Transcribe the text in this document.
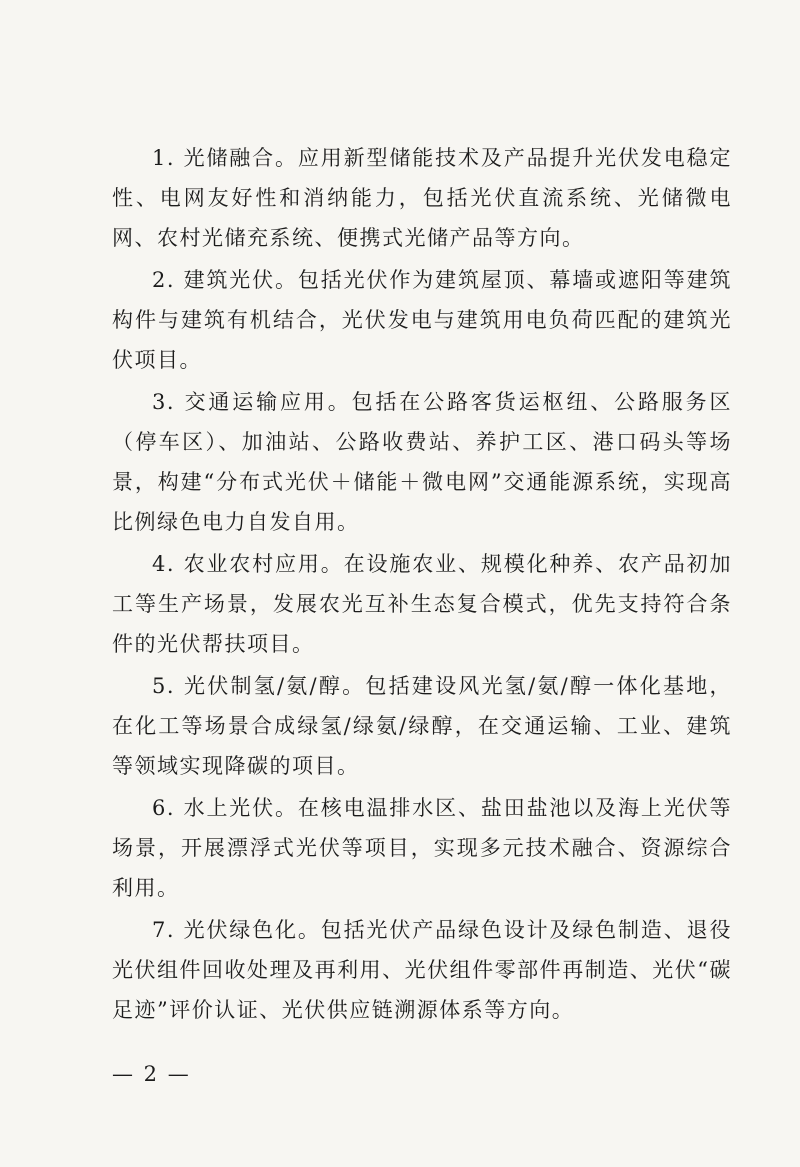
1. 光储融合。应用新型储能技术及产品提升光伏发电稳定性、电网友好性和消纳能力，包括光伏直流系统、光储微电网、农村光储充系统、便携式光储产品等方向。

2. 建筑光伏。包括光伏作为建筑屋顶、幕墙或遮阳等建筑构件与建筑有机结合，光伏发电与建筑用电负荷匹配的建筑光伏项目。

3. 交通运输应用。包括在公路客货运枢纽、公路服务区（停车区）、加油站、公路收费站、养护工区、港口码头等场景，构建“分布式光伏＋储能＋微电网”交通能源系统，实现高比例绿色电力自发自用。

4. 农业农村应用。在设施农业、规模化种养、农产品初加工等生产场景，发展农光互补生态复合模式，优先支持符合条件的光伏帮扶项目。

5. 光伏制氢/氨/醇。包括建设风光氢/氨/醇一体化基地，在化工等场景合成绿氢/绿氨/绿醇，在交通运输、工业、建筑等领域实现降碳的项目。

6. 水上光伏。在核电温排水区、盐田盐池以及海上光伏等场景，开展漂浮式光伏等项目，实现多元技术融合、资源综合利用。

7. 光伏绿色化。包括光伏产品绿色设计及绿色制造、退役光伏组件回收处理及再利用、光伏组件零部件再制造、光伏“碳足迹”评价认证、光伏供应链溯源体系等方向。

— 2 —
